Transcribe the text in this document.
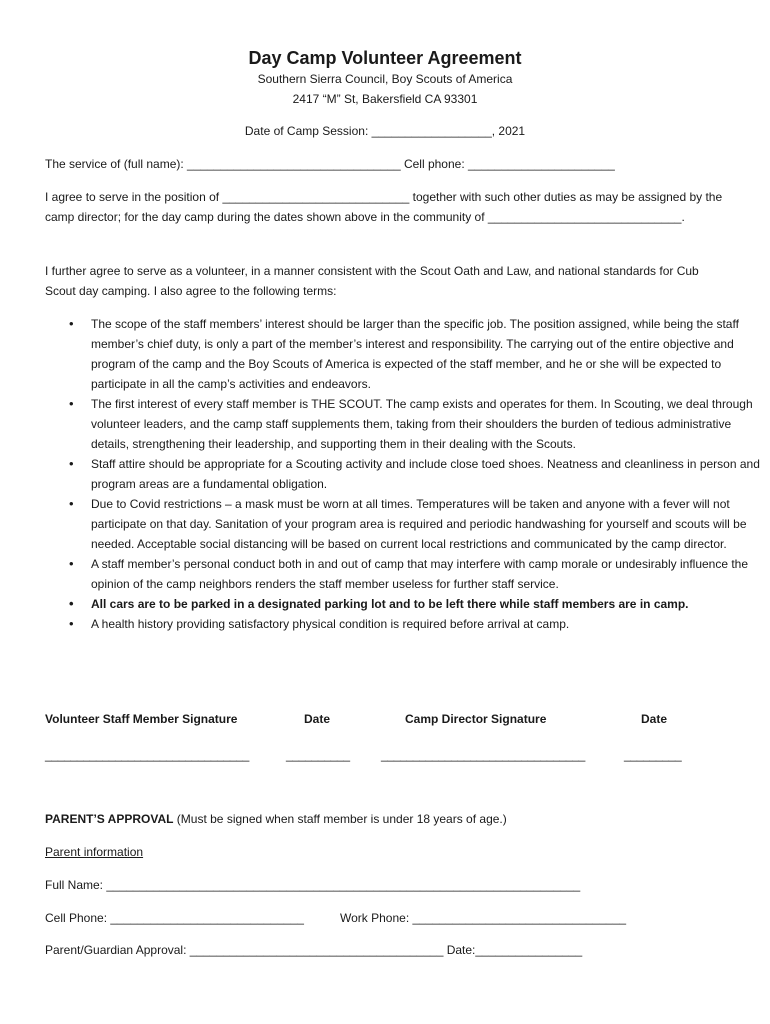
Day Camp Volunteer Agreement
Southern Sierra Council, Boy Scouts of America
2417 “M” St, Bakersfield CA 93301
Date of Camp Session: __________________, 2021
The service of (full name): ________________________________ Cell phone: ______________________
I agree to serve in the position of ____________________________ together with such other duties as may be assigned by the camp director; for the day camp during the dates shown above in the community of _____________________________.
I further agree to serve as a volunteer, in a manner consistent with the Scout Oath and Law, and national standards for Cub Scout day camping. I also agree to the following terms:
• The scope of the staff members’ interest should be larger than the specific job. The position assigned, while being the staff member’s chief duty, is only a part of the member’s interest and responsibility. The carrying out of the entire objective and program of the camp and the Boy Scouts of America is expected of the staff member, and he or she will be expected to participate in all the camp’s activities and endeavors.
• The first interest of every staff member is THE SCOUT. The camp exists and operates for them. In Scouting, we deal through volunteer leaders, and the camp staff supplements them, taking from their shoulders the burden of tedious administrative details, strengthening their leadership, and supporting them in their dealing with the Scouts.
• Staff attire should be appropriate for a Scouting activity and include close toed shoes. Neatness and cleanliness in person and program areas are a fundamental obligation.
• Due to Covid restrictions – a mask must be worn at all times. Temperatures will be taken and anyone with a fever will not participate on that day. Sanitation of your program area is required and periodic handwashing for yourself and scouts will be needed. Acceptable social distancing will be based on current local restrictions and communicated by the camp director.
• A staff member’s personal conduct both in and out of camp that may interfere with camp morale or undesirably influence the opinion of the camp neighbors renders the staff member useless for further staff service.
• All cars are to be parked in a designated parking lot and to be left there while staff members are in camp.
• A health history providing satisfactory physical condition is required before arrival at camp.
Volunteer Staff Member Signature	Date	Camp Director Signature	Date
________________________________	__________	________________________________	_________
PARENT’S APPROVAL (Must be signed when staff member is under 18 years of age.)
Parent information
Full Name: _______________________________________________________________________
Cell Phone: _____________________________	Work Phone: ________________________________
Parent/Guardian Approval: ______________________________________ Date:________________
